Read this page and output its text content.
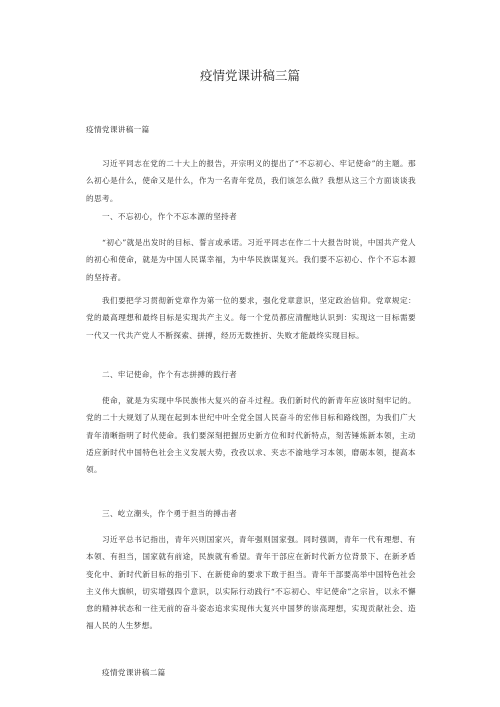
疫情党课讲稿三篇

疫情党课讲稿一篇

习近平同志在党的二十大上的报告，开宗明义的提出了“不忘初心、牢记使命”的主题。那么初心是什么，使命又是什么，作为一名青年党员，我们该怎么做？我想从这三个方面谈谈我的思考。

一、不忘初心，作个不忘本源的坚持者

“初心”就是出发时的目标、誓言或承诺。习近平同志在作二十大报告时说，中国共产党人的初心和使命，就是为中国人民谋幸福，为中华民族谋复兴。我们要不忘初心、作个不忘本源的坚持者。

我们要把学习贯彻新党章作为第一位的要求，强化党章意识，坚定政治信仰。党章规定：党的最高理想和最终目标是实现共产主义。每一个党员都应清醒地认识到：实现这一目标需要一代又一代共产党人不断探索、拼搏，经历无数挫折、失败才能最终实现目标。

二、牢记使命，作个有志拼搏的践行者

使命，就是为实现中华民族伟大复兴的奋斗过程。我们新时代的新青年应该时刻牢记的。党的二十大规划了从现在起到本世纪中叶全党全国人民奋斗的宏伟目标和路线图，为我们广大青年清晰指明了时代使命。我们要深刻把握历史新方位和时代新特点，刻苦锤炼新本领，主动适应新时代中国特色社会主义发展大势，孜孜以求、夹志不渝地学习本领，磨砺本领，提高本领。

三、屹立潮头，作个勇于担当的搏击者

习近平总书记指出，青年兴则国家兴，青年强则国家强。同时强调，青年一代有理想、有本领、有担当，国家就有前途，民族就有希望。青年干部应在新时代新方位背景下、在新矛盾变化中、新时代新目标的指引下、在新使命的要求下敢于担当。青年干部要高举中国特色社会主义伟大旗帜，切实增强四个意识，以实际行动践行“不忘初心、牢记使命”之宗旨，以永不懈怠的精神状态和一往无前的奋斗姿态追求实现伟大复兴中国梦的崇高理想，实现贡献社会、造福人民的人生梦想。

疫情党课讲稿二篇
